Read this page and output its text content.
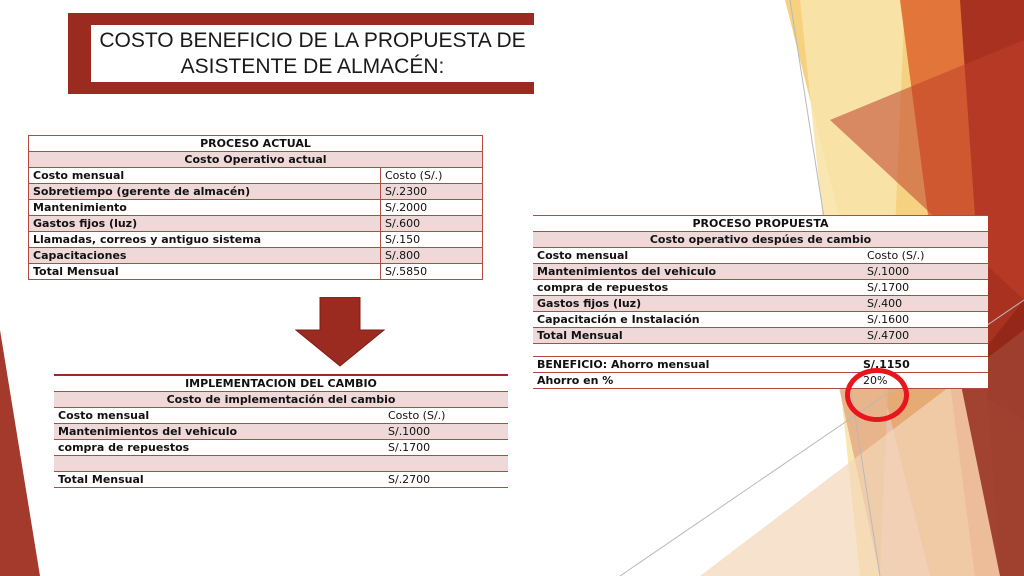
COSTO BENEFICIO DE LA PROPUESTA DE
ASISTENTE DE ALMACÉN:
PROCESO ACTUAL	
Costo Operativo actual	
Costo mensual	Costo (S/.)
Sobretiempo (gerente de almacén)	S/.2300
Mantenimiento	S/.2000
Gastos fijos (luz)	S/.600
Llamadas, correos y antiguo sistema	S/.150
Capacitaciones	S/.800
Total Mensual	S/.5850
IMPLEMENTACION DEL CAMBIO	
Costo de implementación del cambio	
Costo mensual	Costo (S/.)
Mantenimientos del vehiculo	S/.1000
compra de repuestos	S/.1700

Total Mensual	S/.2700
PROCESO PROPUESTA	
Costo operativo despúes de cambio	
Costo mensual	Costo (S/.)
Mantenimientos del vehiculo	S/.1000
compra de repuestos	S/.1700
Gastos fijos (luz)	S/.400
Capacitación e Instalación	S/.1600
Total Mensual	S/.4700

BENEFICIO: Ahorro mensual	S/.1150
Ahorro en %	20%
